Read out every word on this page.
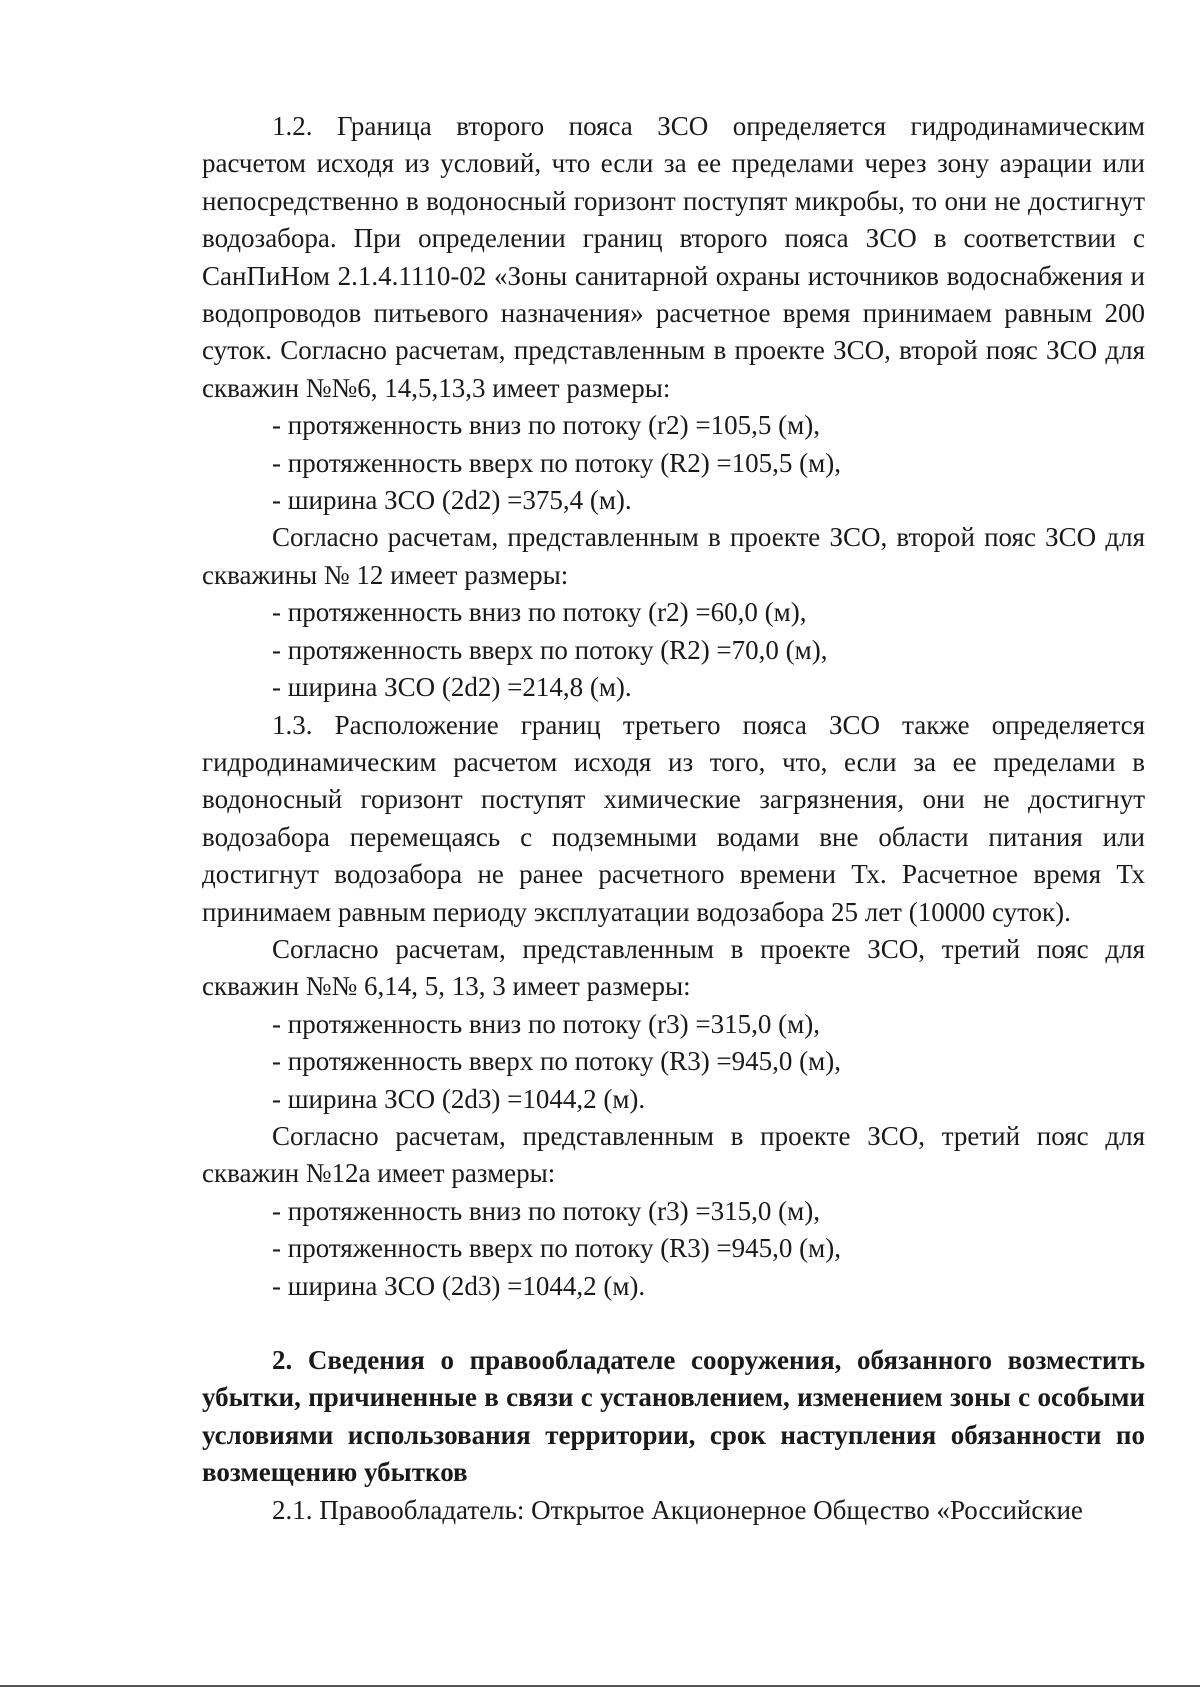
1.2. Граница второго пояса ЗСО определяется гидродинамическим расчетом исходя из условий, что если за ее пределами через зону аэрации или непосредственно в водоносный горизонт поступят микробы, то они не достигнут водозабора. При определении границ второго пояса ЗСО в соответствии с СанПиНом 2.1.4.1110-02 «Зоны санитарной охраны источников водоснабжения и водопроводов питьевого назначения» расчетное время принимаем равным 200 суток. Согласно расчетам, представленным в проекте ЗСО, второй пояс ЗСО для скважин №№6, 14,5,13,3 имеет размеры:

- протяженность вниз по потоку (r2) =105,5 (м),

- протяженность вверх по потоку (R2) =105,5 (м),

- ширина ЗСО (2d2) =375,4 (м).

Согласно расчетам, представленным в проекте ЗСО, второй пояс ЗСО для скважины № 12 имеет размеры:

- протяженность вниз по потоку (r2) =60,0 (м),

- протяженность вверх по потоку (R2) =70,0 (м),

- ширина ЗСО (2d2) =214,8 (м).

1.3. Расположение границ третьего пояса ЗСО также определяется гидродинамическим расчетом исходя из того, что, если за ее пределами в водоносный горизонт поступят химические загрязнения, они не достигнут водозабора перемещаясь с подземными водами вне области питания или достигнут водозабора не ранее расчетного времени Тх. Расчетное время Тх принимаем равным периоду эксплуатации водозабора 25 лет (10000 суток).

Согласно расчетам, представленным в проекте ЗСО, третий пояс для скважин №№ 6,14, 5, 13, 3 имеет размеры:

- протяженность вниз по потоку (r3) =315,0 (м),

- протяженность вверх по потоку (R3) =945,0 (м),

- ширина ЗСО (2d3) =1044,2 (м).

Согласно расчетам, представленным в проекте ЗСО, третий пояс для скважин №12а имеет размеры:

- протяженность вниз по потоку (r3) =315,0 (м),

- протяженность вверх по потоку (R3) =945,0 (м),

- ширина ЗСО (2d3) =1044,2 (м).

2. Сведения о правообладателе сооружения, обязанного возместить убытки, причиненные в связи с установлением, изменением зоны с особыми условиями использования территории, срок наступления обязанности по возмещению убытков

2.1. Правообладатель: Открытое Акционерное Общество «Российские
